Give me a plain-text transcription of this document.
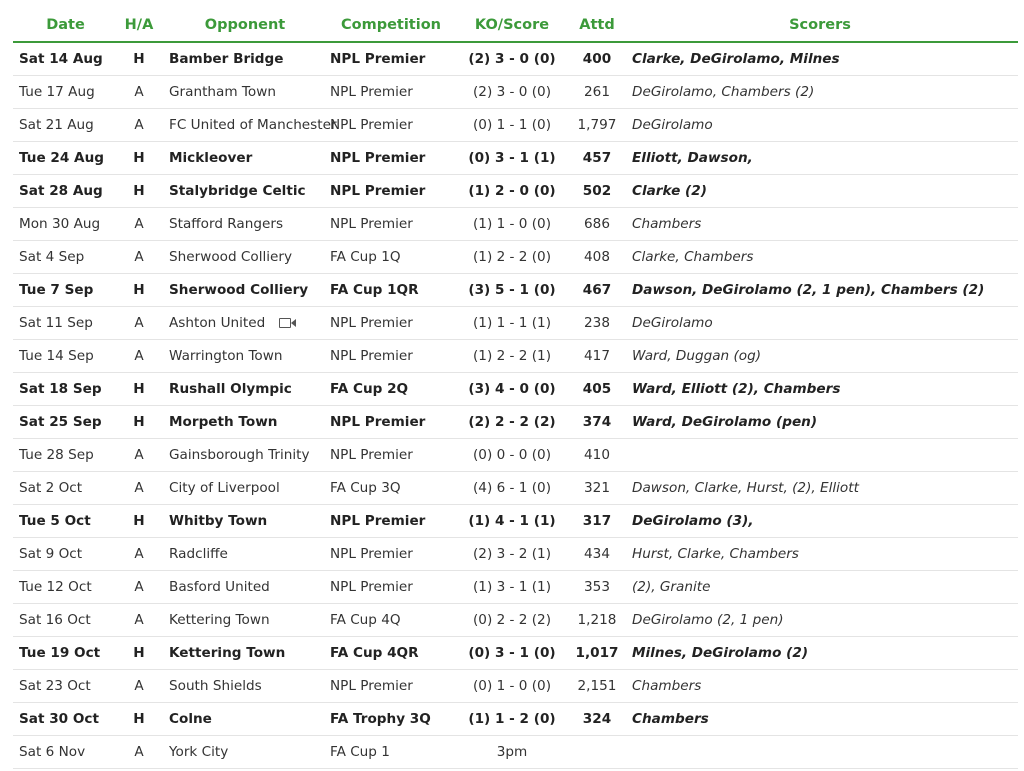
Date	H/A	Opponent		Competition	KO/Score	Attd	Scorers
Sat 14 Aug	H	Bamber Bridge		NPL Premier	(2) 3 - 0 (0)	400	Clarke, DeGirolamo, Milnes
Tue 17 Aug	A	Grantham Town		NPL Premier	(2) 3 - 0 (0)	261	DeGirolamo, Chambers (2)
Sat 21 Aug	A	FC United of Manchester		NPL Premier	(0) 1 - 1 (0)	1,797	DeGirolamo
Tue 24 Aug	H	Mickleover		NPL Premier	(0) 3 - 1 (1)	457	Elliott, Dawson,
Sat 28 Aug	H	Stalybridge Celtic		NPL Premier	(1) 2 - 0 (0)	502	Clarke (2)
Mon 30 Aug	A	Stafford Rangers		NPL Premier	(1) 1 - 0 (0)	686	Chambers
Sat 4 Sep	A	Sherwood Colliery		FA Cup 1Q	(1) 2 - 2 (0)	408	Clarke, Chambers
Tue 7 Sep	H	Sherwood Colliery		FA Cup 1QR	(3) 5 - 1 (0)	467	Dawson, DeGirolamo (2, 1 pen), Chambers (2)
Sat 11 Sep	A	Ashton United		NPL Premier	(1) 1 - 1 (1)	238	DeGirolamo
Tue 14 Sep	A	Warrington Town		NPL Premier	(1) 2 - 2 (1)	417	Ward, Duggan (og)
Sat 18 Sep	H	Rushall Olympic		FA Cup 2Q	(3) 4 - 0 (0)	405	Ward, Elliott (2), Chambers
Sat 25 Sep	H	Morpeth Town		NPL Premier	(2) 2 - 2 (2)	374	Ward, DeGirolamo (pen)
Tue 28 Sep	A	Gainsborough Trinity		NPL Premier	(0) 0 - 0 (0)	410	
Sat 2 Oct	A	City of Liverpool		FA Cup 3Q	(4) 6 - 1 (0)	321	Dawson, Clarke, Hurst, (2), Elliott
Tue 5 Oct	H	Whitby Town		NPL Premier	(1) 4 - 1 (1)	317	DeGirolamo (3),
Sat 9 Oct	A	Radcliffe		NPL Premier	(2) 3 - 2 (1)	434	Hurst, Clarke, Chambers
Tue 12 Oct	A	Basford United		NPL Premier	(1) 3 - 1 (1)	353	(2), Granite
Sat 16 Oct	A	Kettering Town		FA Cup 4Q	(0) 2 - 2 (2)	1,218	DeGirolamo (2, 1 pen)
Tue 19 Oct	H	Kettering Town		FA Cup 4QR	(0) 3 - 1 (0)	1,017	Milnes, DeGirolamo (2)
Sat 23 Oct	A	South Shields		NPL Premier	(0) 1 - 0 (0)	2,151	Chambers
Sat 30 Oct	H	Colne		FA Trophy 3Q	(1) 1 - 2 (0)	324	Chambers
Sat 6 Nov	A	York City		FA Cup 1	3pm		
